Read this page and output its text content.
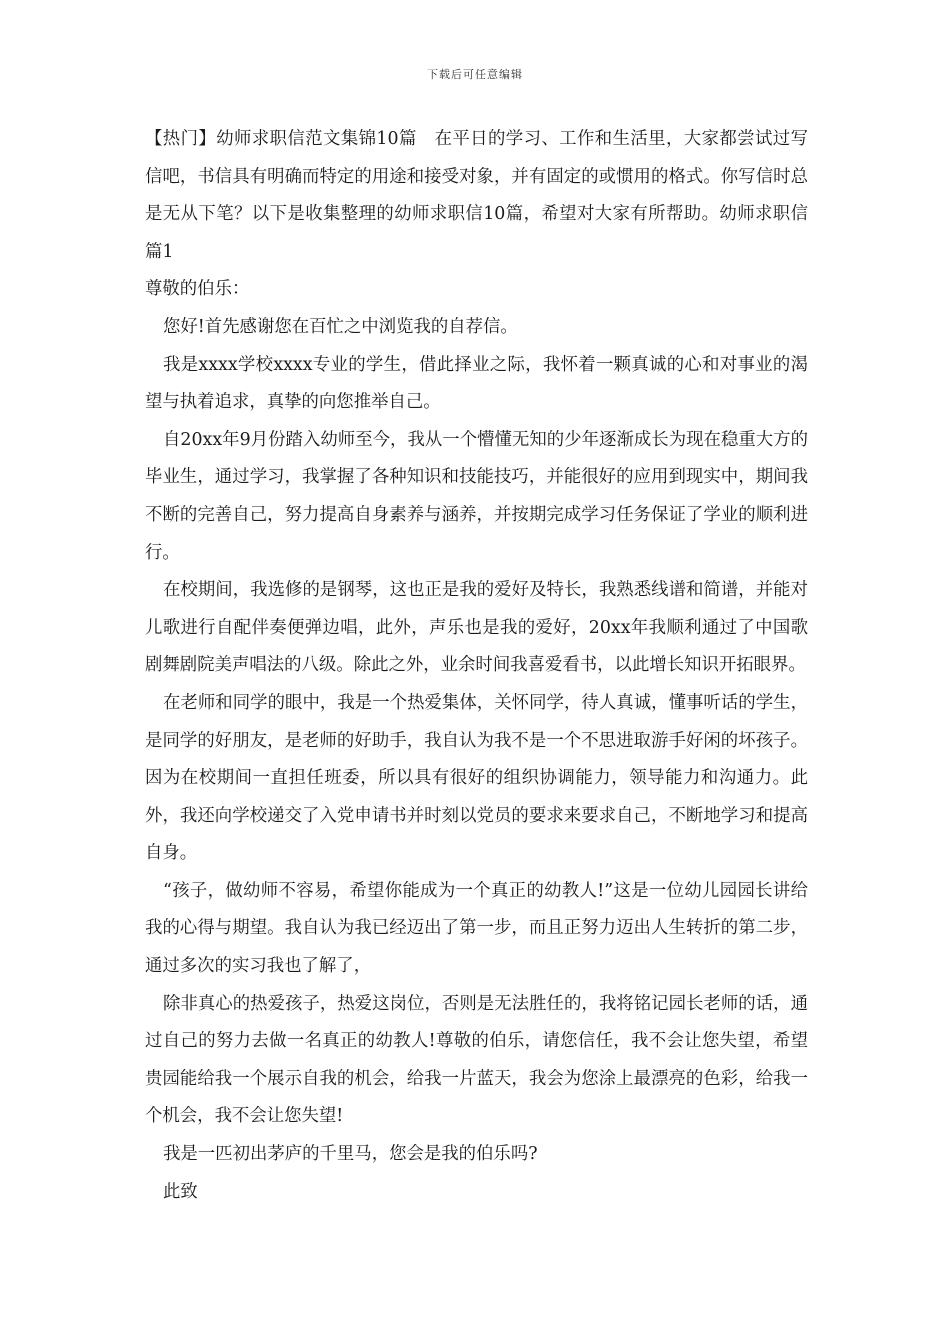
下载后可任意编辑

【热门】幼师求职信范文集锦10篇　在平日的学习、工作和生活里，大家都尝试过写信吧，书信具有明确而特定的用途和接受对象，并有固定的或惯用的格式。你写信时总是无从下笔？以下是收集整理的幼师求职信10篇，希望对大家有所帮助。幼师求职信 篇1

尊敬的伯乐：

您好!首先感谢您在百忙之中浏览我的自荐信。

我是xxxx学校xxxx专业的学生，借此择业之际，我怀着一颗真诚的心和对事业的渴望与执着追求，真挚的向您推举自己。

自20xx年9月份踏入幼师至今，我从一个懵懂无知的少年逐渐成长为现在稳重大方的毕业生，通过学习，我掌握了各种知识和技能技巧，并能很好的应用到现实中，期间我不断的完善自己，努力提高自身素养与涵养，并按期完成学习任务保证了学业的顺利进行。

在校期间，我选修的是钢琴，这也正是我的爱好及特长，我熟悉线谱和简谱，并能对儿歌进行自配伴奏便弹边唱，此外，声乐也是我的爱好，20xx年我顺利通过了中国歌剧舞剧院美声唱法的八级。除此之外，业余时间我喜爱看书，以此增长知识开拓眼界。

在老师和同学的眼中，我是一个热爱集体，关怀同学，待人真诚，懂事听话的学生，是同学的好朋友，是老师的好助手，我自认为我不是一个不思进取游手好闲的坏孩子。因为在校期间一直担任班委，所以具有很好的组织协调能力，领导能力和沟通力。此外，我还向学校递交了入党申请书并时刻以党员的要求来要求自己，不断地学习和提高自身。

“孩子，做幼师不容易，希望你能成为一个真正的幼教人!”这是一位幼儿园园长讲给我的心得与期望。我自认为我已经迈出了第一步，而且正努力迈出人生转折的第二步，通过多次的实习我也了解了，

除非真心的热爱孩子，热爱这岗位，否则是无法胜任的，我将铭记园长老师的话，通过自己的努力去做一名真正的幼教人!尊敬的伯乐，请您信任，我不会让您失望，希望贵园能给我一个展示自我的机会，给我一片蓝天，我会为您涂上最漂亮的色彩，给我一个机会，我不会让您失望!

我是一匹初出茅庐的千里马，您会是我的伯乐吗?

此致
